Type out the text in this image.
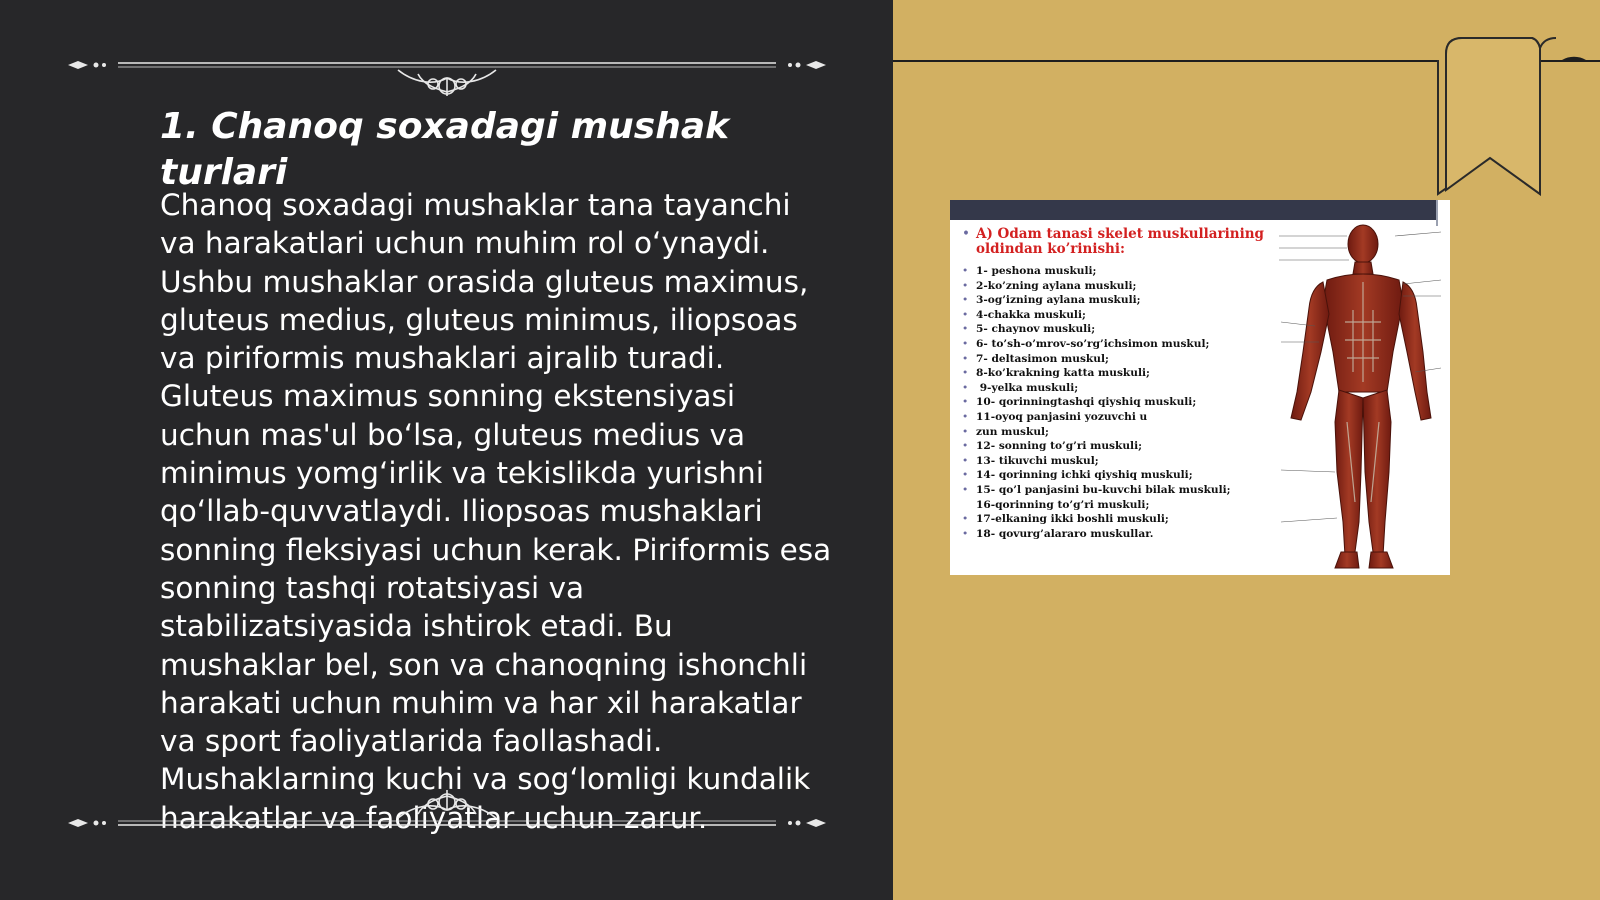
1. Chanoq soxadagi mushak turlari

Chanoq soxadagi mushaklar tana tayanchi va harakatlari uchun muhim rol o‘ynaydi. Ushbu mushaklar orasida gluteus maximus, gluteus medius, gluteus minimus, iliopsoas va piriformis mushaklari ajralib turadi. Gluteus maximus sonning ekstensiyasi uchun mas'ul bo‘lsa, gluteus medius va minimus yomg‘irlik va tekislikda yurishni qo‘llab-quvvatlaydi. Iliopsoas mushaklari sonning fleksiyasi uchun kerak. Piriformis esa sonning tashqi rotatsiyasi va stabilizatsiyasida ishtirok etadi. Bu mushaklar bel, son va chanoqning ishonchli harakati uchun muhim va har xil harakatlar va sport faoliyatlarida faollashadi. Mushaklarning kuchi va sog‘lomligi kundalik harakatlar va faoliyatlar uchun zarur.

• A) Odam tanasi skelet muskullarining
oldindan ko’rinishi:
• 1- peshona muskuli;
• 2-ko’zning aylana muskuli;
• 3-og’izning aylana muskuli;
• 4-chakka muskuli;
• 5- chaynov muskuli;
• 6- to’sh-o’mrov-so’rg’ichsimon muskul;
• 7- deltasimon muskul;
• 8-ko’krakning katta muskuli;
• 9-yelka muskuli;
• 10- qorinningtashqi qiyshiq muskuli;
• 11-oyoq panjasini yozuvchi u
• zun muskul;
• 12- sonning to’g’ri muskuli;
• 13- tikuvchi muskul;
• 14- qorinning ichki qiyshiq muskuli;
• 15- qo’l panjasini bu-kuvchi bilak muskuli;
16-qorinning to’g’ri muskuli;
• 17-elkaning ikki boshli muskuli;
• 18- qovurg’alararo muskullar.
